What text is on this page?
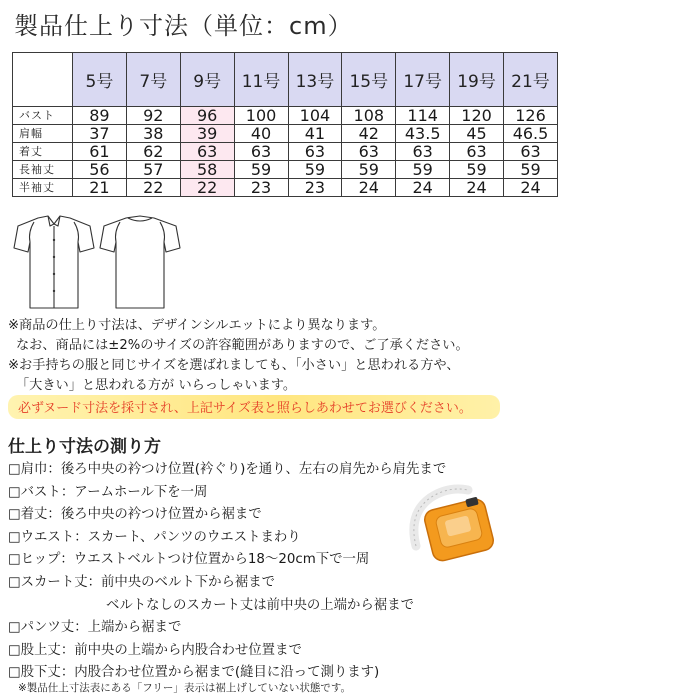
製品仕上り寸法（単位：cm）
	5号	7号	9号	11号	13号	15号	17号	19号	21号
バスト	89	92	96	100	104	108	114	120	126
肩幅	37	38	39	40	41	42	43.5	45	46.5
着丈	61	62	63	63	63	63	63	63	63
長袖丈	56	57	58	59	59	59	59	59	59
半袖丈	21	22	22	23	23	24	24	24	24
※商品の仕上り寸法は、デザインシルエットにより異なります。
なお、商品には±2%のサイズの許容範囲がありますので、ご了承ください。
※お手持ちの服と同じサイズを選ばれましても、「小さい」と思われる方や、
「大きい」と思われる方が いらっしゃいます。
必ずヌード寸法を採寸され、上記サイズ表と照らしあわせてお選びください。
仕上り寸法の測り方
□肩巾：後ろ中央の衿つけ位置(衿ぐり)を通り、左右の肩先から肩先まで
□バスト：アームホール下を一周
□着丈：後ろ中央の衿つけ位置から裾まで
□ウエスト：スカート、パンツのウエストまわり
□ヒップ：ウエストベルトつけ位置から18～20cm下で一周
□スカート丈：前中央のベルト下から裾まで
ベルトなしのスカート丈は前中央の上端から裾まで
□パンツ丈：上端から裾まで
□股上丈：前中央の上端から内股合わせ位置まで
□股下丈：内股合わせ位置から裾まで(縫目に沿って測ります)
※製品仕上寸法表にある「フリー」表示は裾上げしていない状態です。
